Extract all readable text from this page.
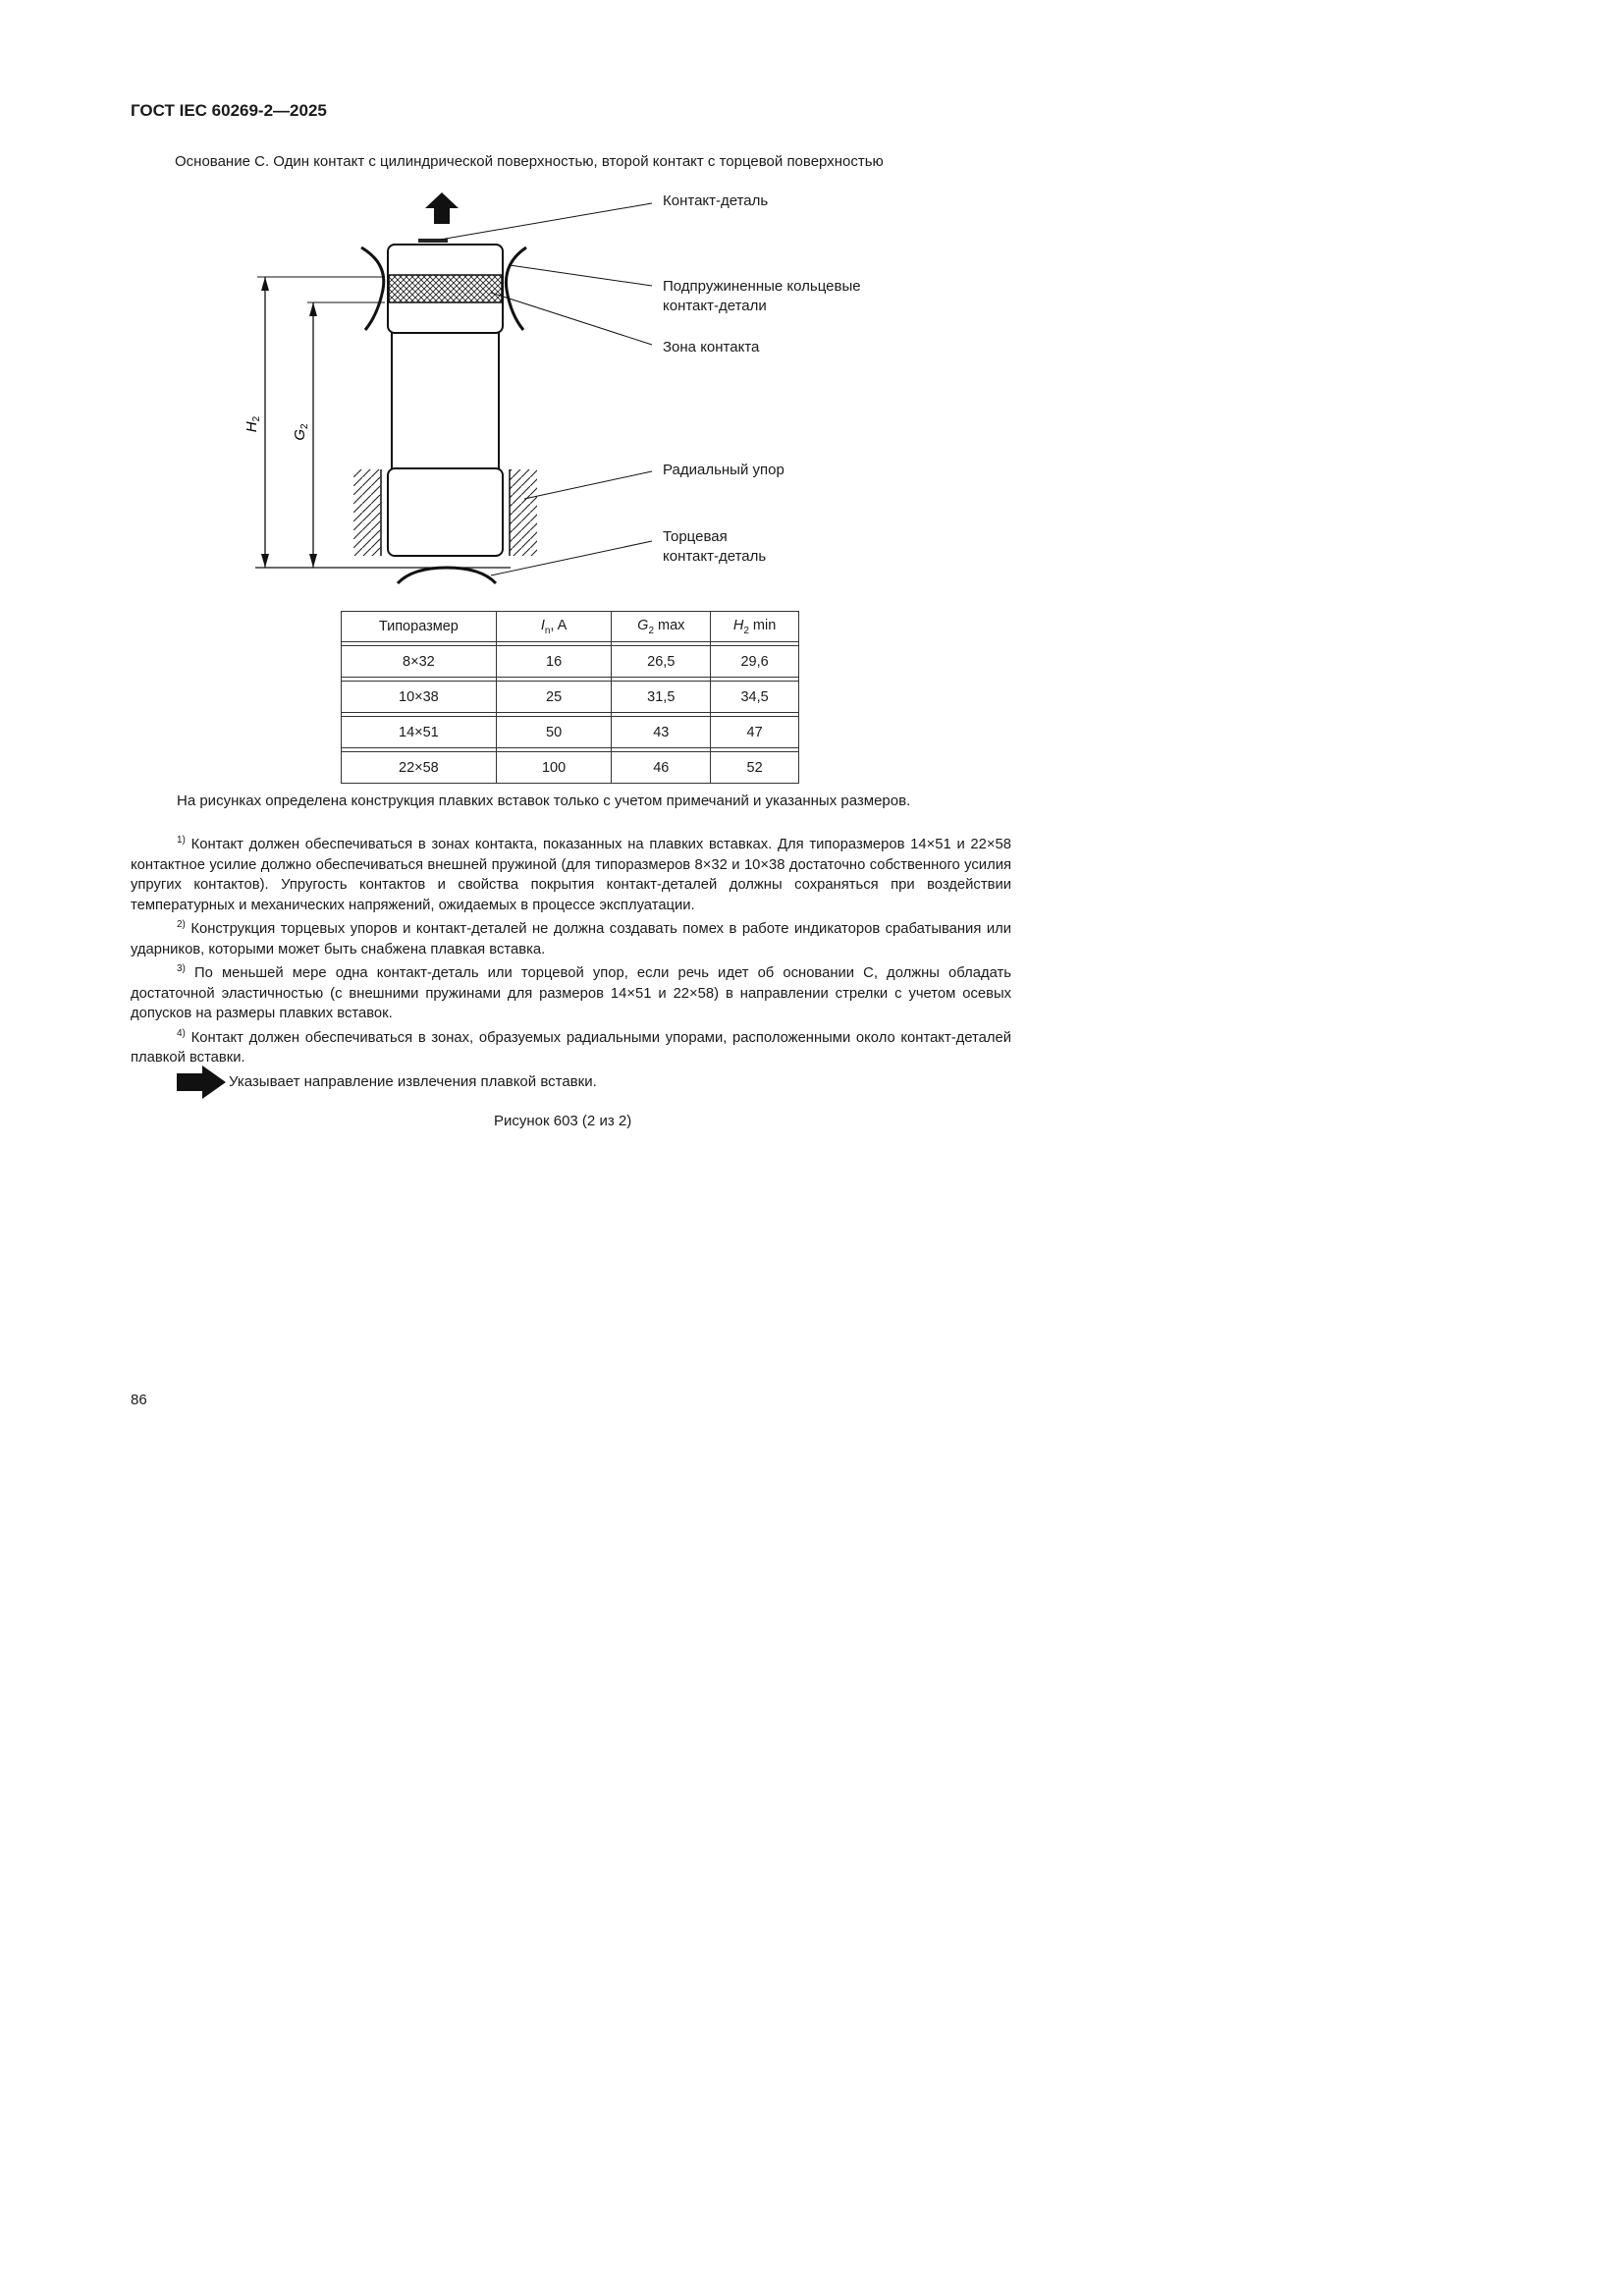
ГОСТ IEC 60269-2—2025
Основание С. Один контакт с цилиндрической поверхностью, второй контакт с торцевой поверхностью
$H_2$
$G_2$
Контакт-деталь
Подпружиненные кольцевые
контакт-детали
Зона контакта
Радиальный упор
Торцевая
контакт-деталь
Типоразмер	$I_n$, A	$G_2$ max	$H_2$ min

8×32	16	26,5	29,6

10×38	25	31,5	34,5

14×51	50	43	47

22×58	100	46	52
На рисунках определена конструкция плавких вставок только с учетом примечаний и указанных размеров.

$^{1)}$ Контакт должен обеспечиваться в зонах контакта, показанных на плавких вставках. Для типоразмеров 14×51 и 22×58 контактное усилие должно обеспечиваться внешней пружиной (для типоразмеров 8×32 и 10×38 достаточно собственного усилия упругих контактов). Упругость контактов и свойства покрытия контакт-деталей должны сохраняться при воздействии температурных и механических напряжений, ожидаемых в процессе эксплуатации.

$^{2)}$ Конструкция торцевых упоров и контакт-деталей не должна создавать помех в работе индикаторов срабатывания или ударников, которыми может быть снабжена плавкая вставка.

$^{3)}$ По меньшей мере одна контакт-деталь или торцевой упор, если речь идет об основании С, должны обладать достаточной эластичностью (с внешними пружинами для размеров 14×51 и 22×58) в направлении стрелки с учетом осевых допусков на размеры плавких вставок.

$^{4)}$ Контакт должен обеспечиваться в зонах, образуемых радиальными упорами, расположенными около контакт-деталей плавкой вставки.

Указывает направление извлечения плавкой вставки.
Рисунок 603 (2 из 2)
86
